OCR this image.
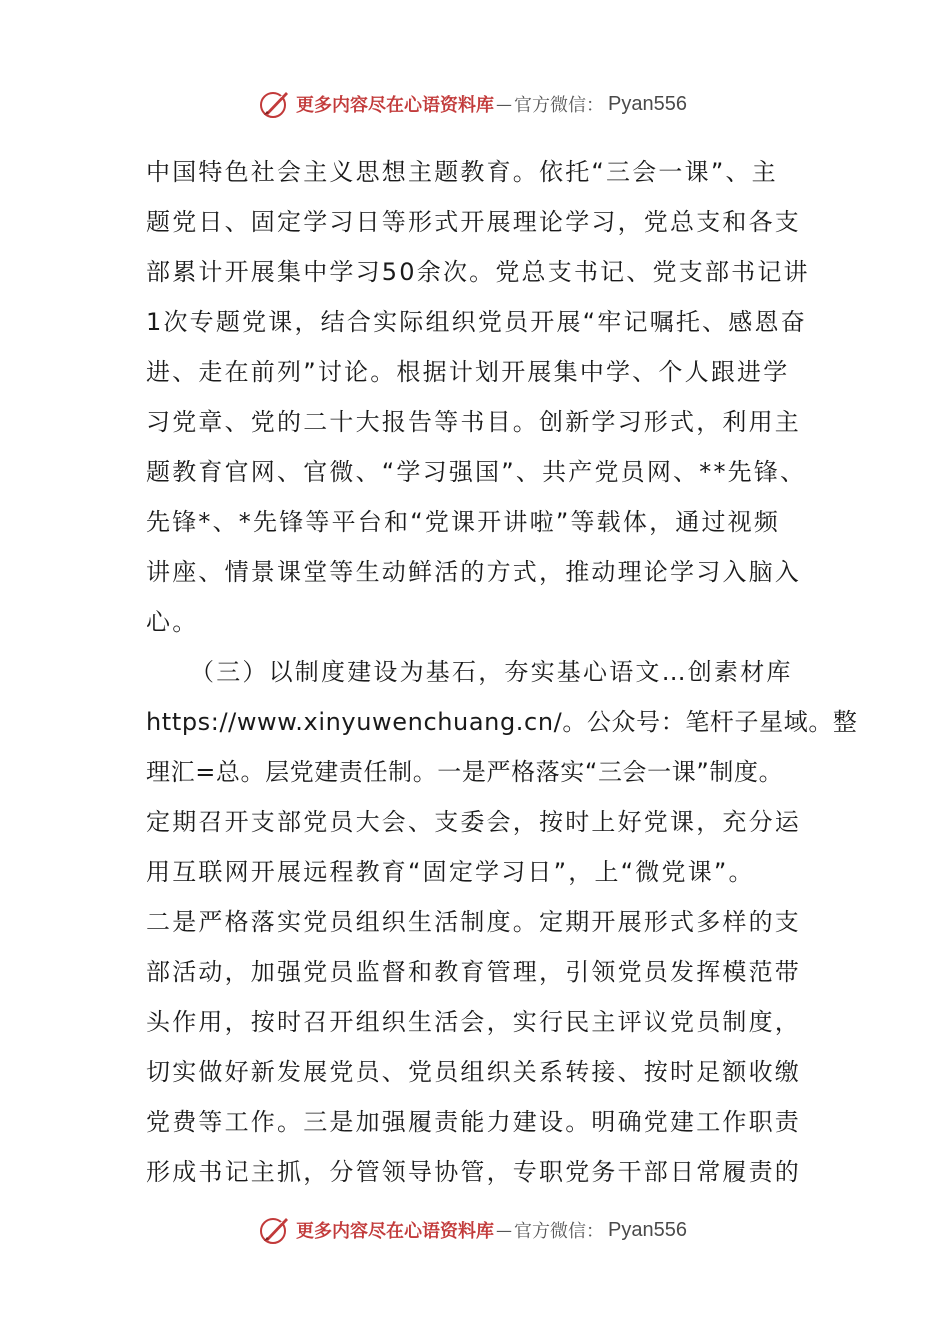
更多内容尽在心语资料库 — 官方微信： Pyan556
中国特色社会主义思想主题教育。依托“三会一课”、主
题党日、固定学习日等形式开展理论学习，党总支和各支
部累计开展集中学习50余次。党总支书记、党支部书记讲
1次专题党课，结合实际组织党员开展“牢记嘱托、感恩奋
进、走在前列”讨论。根据计划开展集中学、个人跟进学
习党章、党的二十大报告等书目。创新学习形式，利用主
题教育官网、官微、“学习强国”、共产党员网、**先锋、
先锋*、*先锋等平台和“党课开讲啦”等载体，通过视频
讲座、情景课堂等生动鲜活的方式，推动理论学习入脑入
心。
（三）以制度建设为基石，夯实基心语文…创素材库
https://www.xinyuwenchuang.cn/。公众号：笔杆子星域。整
理汇=总。层党建责任制。一是严格落实“三会一课”制度。
定期召开支部党员大会、支委会，按时上好党课，充分运
用互联网开展远程教育“固定学习日”，上“微党课”。
二是严格落实党员组织生活制度。定期开展形式多样的支
部活动，加强党员监督和教育管理，引领党员发挥模范带
头作用，按时召开组织生活会，实行民主评议党员制度，
切实做好新发展党员、党员组织关系转接、按时足额收缴
党费等工作。三是加强履责能力建设。明确党建工作职责
形成书记主抓，分管领导协管，专职党务干部日常履责的
更多内容尽在心语资料库 — 官方微信： Pyan556
